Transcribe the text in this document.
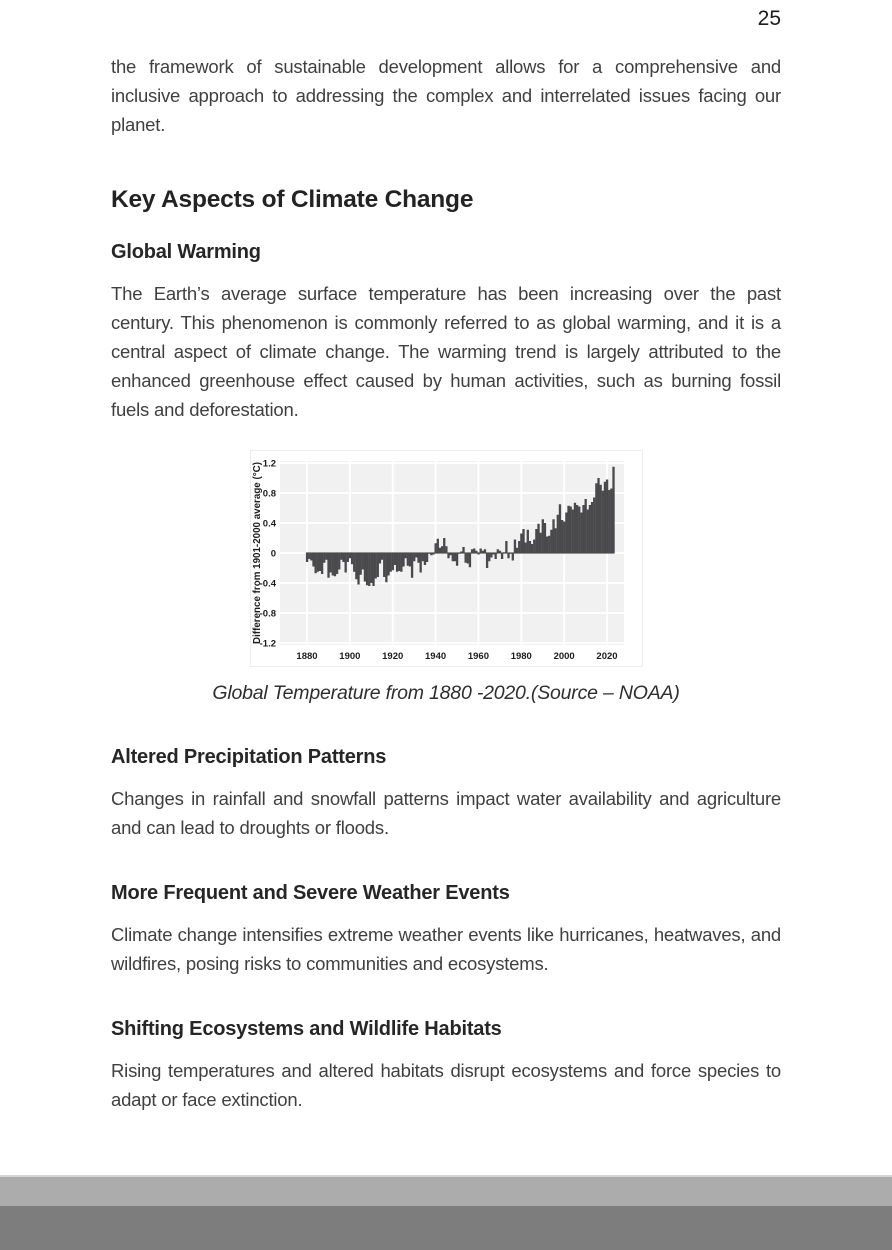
25

the framework of sustainable development allows for a comprehensive and inclusive approach to addressing the complex and interrelated issues facing our planet.

Key Aspects of Climate Change
Global Warming

The Earth’s average surface temperature has been increasing over the past century. This phenomenon is commonly referred to as global warming, and it is a central aspect of climate change. The warming trend is largely attributed to the enhanced greenhouse effect caused by human activities, such as burning fossil fuels and deforestation.

1.2
0.8
0.4
0
-0.4
-0.8
-1.2
1880 1900 1920 1940 1960 1980 2000 2020
Difference from 1901-2000 average (°C)
Global Temperature from 1880 -2020.(Source – NOAA)
Altered Precipitation Patterns

Changes in rainfall and snowfall patterns impact water availability and agriculture and can lead to droughts or floods.

More Frequent and Severe Weather Events

Climate change intensifies extreme weather events like hurricanes, heatwaves, and wildfires, posing risks to communities and ecosystems.

Shifting Ecosystems and Wildlife Habitats

Rising temperatures and altered habitats disrupt ecosystems and force species to adapt or face extinction.
